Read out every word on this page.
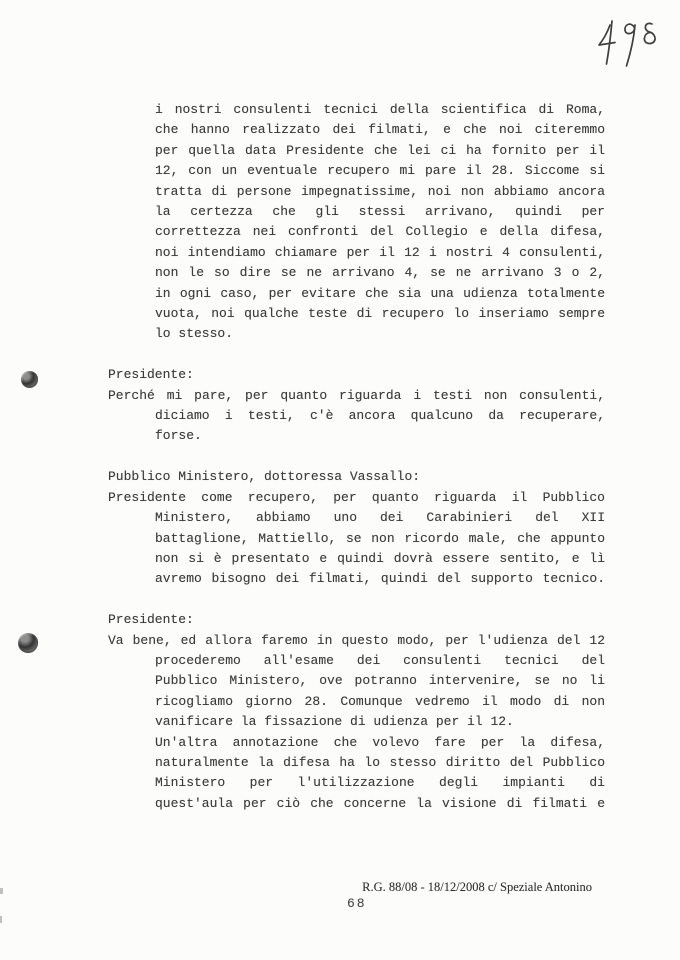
i nostri consulenti tecnici della scientifica di Roma,
che hanno realizzato dei filmati, e che noi citeremmo
per quella data Presidente che lei ci ha fornito per il
12, con un eventuale recupero mi pare il 28. Siccome si
tratta di persone impegnatissime, noi non abbiamo ancora
la certezza che gli stessi arrivano, quindi per
correttezza nei confronti del Collegio e della difesa,
noi intendiamo chiamare per il 12 i nostri 4 consulenti,
non le so dire se ne arrivano 4, se ne arrivano 3 o 2,
in ogni caso, per evitare che sia una udienza totalmente
vuota, noi qualche teste di recupero lo inseriamo sempre
lo stesso.
Presidente:
Perché mi pare, per quanto riguarda i testi non consulenti,
diciamo i testi, c'è ancora qualcuno da recuperare,
forse.
Pubblico Ministero, dottoressa Vassallo:
Presidente come recupero, per quanto riguarda il Pubblico
Ministero, abbiamo uno dei Carabinieri del XII
battaglione, Mattiello, se non ricordo male, che appunto
non si è presentato e quindi dovrà essere sentito, e lì
avremo bisogno dei filmati, quindi del supporto tecnico.
Presidente:
Va bene, ed allora faremo in questo modo, per l'udienza del 12
procederemo all'esame dei consulenti tecnici del
Pubblico Ministero, ove potranno intervenire, se no li
ricogliamo giorno 28. Comunque vedremo il modo di non
vanificare la fissazione di udienza per il 12.
Un'altra annotazione che volevo fare per la difesa,
naturalmente la difesa ha lo stesso diritto del Pubblico
Ministero per l'utilizzazione degli impianti di
quest'aula per ciò che concerne la visione di filmati e
R.G. 88/08 - 18/12/2008 c/ Speziale Antonino
68
